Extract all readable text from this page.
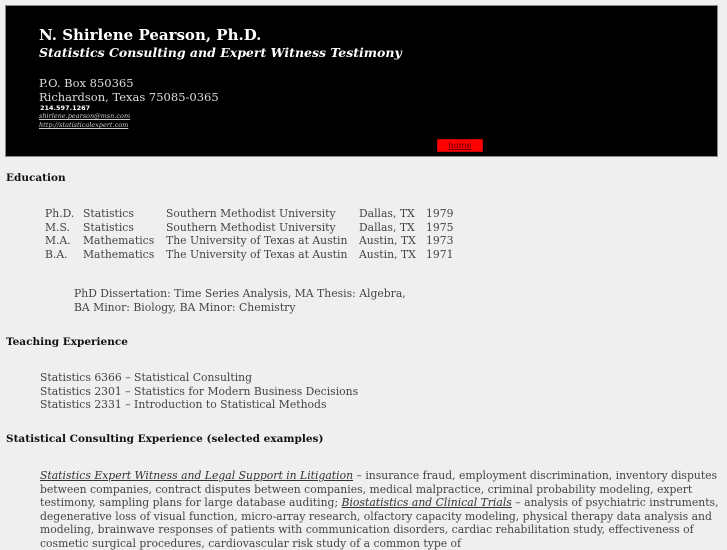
N. Shirlene Pearson, Ph.D.
Statistics Consulting and Expert Witness Testimony
P.O. Box 850365
Richardson, Texas 75085-0365
214.597.1267
shirlene.pearson@msn.com
http://statisticalexpert.com
home
Education
Ph.D.	Statistics	Southern Methodist University	Dallas, TX	1979
M.S.	Statistics	Southern Methodist University	Dallas, TX	1975
M.A.	Mathematics	The University of Texas at Austin	Austin, TX	1973
B.A.	Mathematics	The University of Texas at Austin	Austin, TX	1971
PhD Dissertation: Time Series Analysis, MA Thesis: Algebra,
BA Minor: Biology, BA Minor: Chemistry
Teaching Experience
Statistics 6366 – Statistical Consulting
Statistics 2301 – Statistics for Modern Business Decisions
Statistics 2331 – Introduction to Statistical Methods
Statistical Consulting Experience (selected examples)
Statistics Expert Witness and Legal Support in Litigation – insurance fraud, employment discrimination, inventory disputes between companies, contract disputes between companies, medical malpractice, criminal probability modeling, expert testimony, sampling plans for large database auditing; Biostatistics and Clinical Trials – analysis of psychiatric instruments, degenerative loss of visual function, micro-array research, olfactory capacity modeling, physical therapy data analysis and modeling, brainwave responses of patients with communication disorders, cardiac rehabilitation study, effectiveness of cosmetic surgical procedures, cardiovascular risk study of a common type of
